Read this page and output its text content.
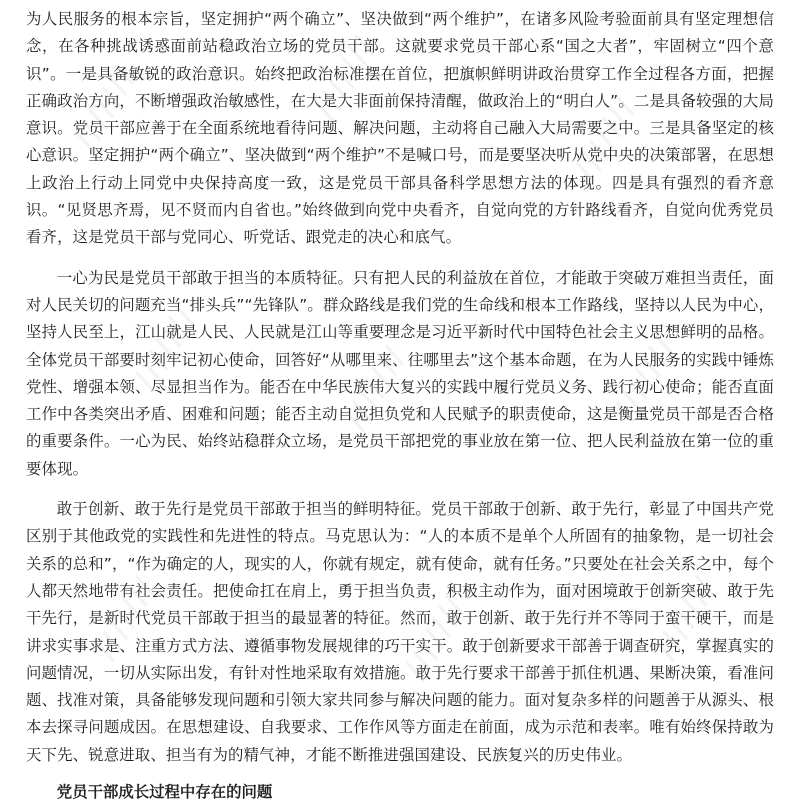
为人民服务的根本宗旨，坚定拥护“两个确立”、坚决做到“两个维护”，在诸多风险考验面前具有坚定理想信念，在各种挑战诱惑面前站稳政治立场的党员干部。这就要求党员干部心系“国之大者”，牢固树立“四个意识”。一是具备敏锐的政治意识。始终把政治标准摆在首位，把旗帜鲜明讲政治贯穿工作全过程各方面，把握正确政治方向，不断增强政治敏感性，在大是大非面前保持清醒，做政治上的“明白人”。二是具备较强的大局意识。党员干部应善于在全面系统地看待问题、解决问题，主动将自己融入大局需要之中。三是具备坚定的核心意识。坚定拥护“两个确立”、坚决做到“两个维护”不是喊口号，而是要坚决听从党中央的决策部署，在思想上政治上行动上同党中央保持高度一致，这是党员干部具备科学思想方法的体现。四是具有强烈的看齐意识。“见贤思齐焉，见不贤而内自省也。”始终做到向党中央看齐，自觉向党的方针路线看齐，自觉向优秀党员看齐，这是党员干部与党同心、听党话、跟党走的决心和底气。

一心为民是党员干部敢于担当的本质特征。只有把人民的利益放在首位，才能敢于突破万难担当责任，面对人民关切的问题充当“排头兵”“先锋队”。群众路线是我们党的生命线和根本工作路线，坚持以人民为中心，坚持人民至上，江山就是人民、人民就是江山等重要理念是习近平新时代中国特色社会主义思想鲜明的品格。全体党员干部要时刻牢记初心使命，回答好“从哪里来、往哪里去”这个基本命题，在为人民服务的实践中锤炼党性、增强本领、尽显担当作为。能否在中华民族伟大复兴的实践中履行党员义务、践行初心使命；能否直面工作中各类突出矛盾、困难和问题；能否主动自觉担负党和人民赋予的职责使命，这是衡量党员干部是否合格的重要条件。一心为民、始终站稳群众立场，是党员干部把党的事业放在第一位、把人民利益放在第一位的重要体现。

敢于创新、敢于先行是党员干部敢于担当的鲜明特征。党员干部敢于创新、敢于先行，彰显了中国共产党区别于其他政党的实践性和先进性的特点。马克思认为：“人的本质不是单个人所固有的抽象物，是一切社会关系的总和”，“作为确定的人，现实的人，你就有规定，就有使命，就有任务。”只要处在社会关系之中，每个人都天然地带有社会责任。把使命扛在肩上，勇于担当负责，积极主动作为，面对困境敢于创新突破、敢于先干先行，是新时代党员干部敢于担当的最显著的特征。然而，敢于创新、敢于先行并不等同于蛮干硬干，而是讲求实事求是、注重方式方法、遵循事物发展规律的巧干实干。敢于创新要求干部善于调查研究，掌握真实的问题情况，一切从实际出发，有针对性地采取有效措施。敢于先行要求干部善于抓住机遇、果断决策，看准问题、找准对策，具备能够发现问题和引领大家共同参与解决问题的能力。面对复杂多样的问题善于从源头、根本去探寻问题成因。在思想建设、自我要求、工作作风等方面走在前面，成为示范和表率。唯有始终保持敢为天下先、锐意进取、担当有为的精气神，才能不断推进强国建设、民族复兴的历史伟业。

党员干部成长过程中存在的问题
///////	///////
///////
///////	///////	///////
///////	///////	///////
